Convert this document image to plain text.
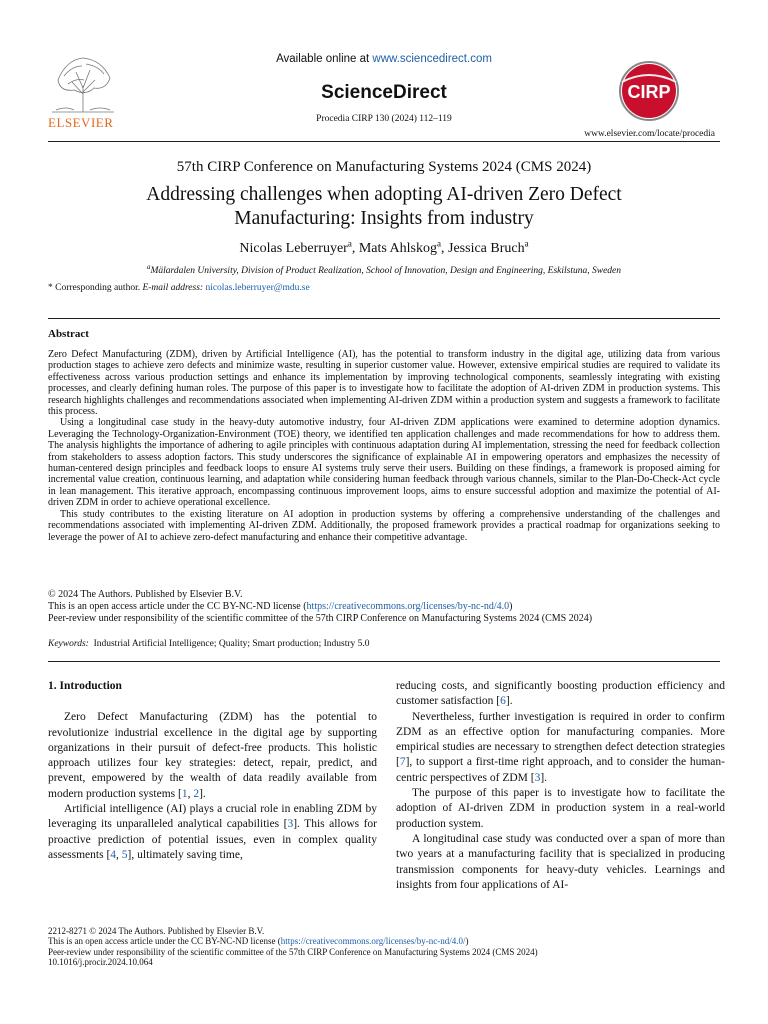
ELSEVIER
Available online at www.sciencedirect.com
ScienceDirect
Procedia CIRP 130 (2024) 112–119
CIRP
www.elsevier.com/locate/procedia
57th CIRP Conference on Manufacturing Systems 2024 (CMS 2024)
Addressing challenges when adopting AI-driven Zero Defect
Manufacturing: Insights from industry
Nicolas Leberruyer$^a$, Mats Ahlskog$^a$, Jessica Bruch$^a$
$^a$Mälardalen University, Division of Product Realization, School of Innovation, Design and Engineering, Eskilstuna, Sweden
* Corresponding author. E-mail address: nicolas.leberruyer@mdu.se
Abstract

Zero Defect Manufacturing (ZDM), driven by Artificial Intelligence (AI), has the potential to transform industry in the digital age, utilizing data from various production stages to achieve zero defects and minimize waste, resulting in superior customer value. However, extensive empirical studies are required to validate its effectiveness across various production settings and enhance its implementation by improving technological components, seamlessly integrating with existing processes, and clearly defining human roles. The purpose of this paper is to investigate how to facilitate the adoption of AI-driven ZDM in production systems. This research highlights challenges and recommendations associated when implementing AI-driven ZDM within a production system and suggests a framework to facilitate this process.

Using a longitudinal case study in the heavy-duty automotive industry, four AI-driven ZDM applications were examined to determine adoption dynamics. Leveraging the Technology-Organization-Environment (TOE) theory, we identified ten application challenges and made recommendations for how to address them. The analysis highlights the importance of adhering to agile principles with continuous adaptation during AI implementation, stressing the need for feedback collection from stakeholders to assess adoption factors. This study underscores the significance of explainable AI in empowering operators and emphasizes the necessity of human-centered design principles and feedback loops to ensure AI systems truly serve their users. Building on these findings, a framework is proposed aiming for incremental value creation, continuous learning, and adaptation while considering human feedback through various channels, similar to the Plan-Do-Check-Act cycle in lean management. This iterative approach, encompassing continuous improvement loops, aims to ensure successful adoption and maximize the potential of AI-driven ZDM in order to achieve operational excellence.

This study contributes to the existing literature on AI adoption in production systems by offering a comprehensive understanding of the challenges and recommendations associated with implementing AI-driven ZDM. Additionally, the proposed framework provides a practical roadmap for organizations seeking to leverage the power of AI to achieve zero-defect manufacturing and enhance their competitive advantage.

© 2024 The Authors. Published by Elsevier B.V.
This is an open access article under the CC BY-NC-ND license (https://creativecommons.org/licenses/by-nc-nd/4.0)
Peer-review under responsibility of the scientific committee of the 57th CIRP Conference on Manufacturing Systems 2024 (CMS 2024)
Keywords: Industrial Artificial Intelligence; Quality; Smart production; Industry 5.0
1. Introduction

Zero Defect Manufacturing (ZDM) has the potential to revolutionize industrial excellence in the digital age by supporting organizations in their pursuit of defect-free products. This holistic approach utilizes four key strategies: detect, repair, predict, and prevent, empowered by the wealth of data readily available from modern production systems [1, 2].

Artificial intelligence (AI) plays a crucial role in enabling ZDM by leveraging its unparalleled analytical capabilities [3]. This allows for proactive prediction of potential issues, even in complex quality assessments [4, 5], ultimately saving time,

reducing costs, and significantly boosting production efficiency and customer satisfaction [6].

Nevertheless, further investigation is required in order to confirm ZDM as an effective option for manufacturing companies. More empirical studies are necessary to strengthen defect detection strategies [7], to support a first-time right approach, and to consider the human-centric perspectives of ZDM [3].

The purpose of this paper is to investigate how to facilitate the adoption of AI-driven ZDM in production system in a real-world production system.

A longitudinal case study was conducted over a span of more than two years at a manufacturing facility that is specialized in producing transmission components for heavy-duty vehicles. Learnings and insights from four applications of AI-

2212-8271 © 2024 The Authors. Published by Elsevier B.V.
This is an open access article under the CC BY-NC-ND license (https://creativecommons.org/licenses/by-nc-nd/4.0/)
Peer-review under responsibility of the scientific committee of the 57th CIRP Conference on Manufacturing Systems 2024 (CMS 2024)
10.1016/j.procir.2024.10.064
